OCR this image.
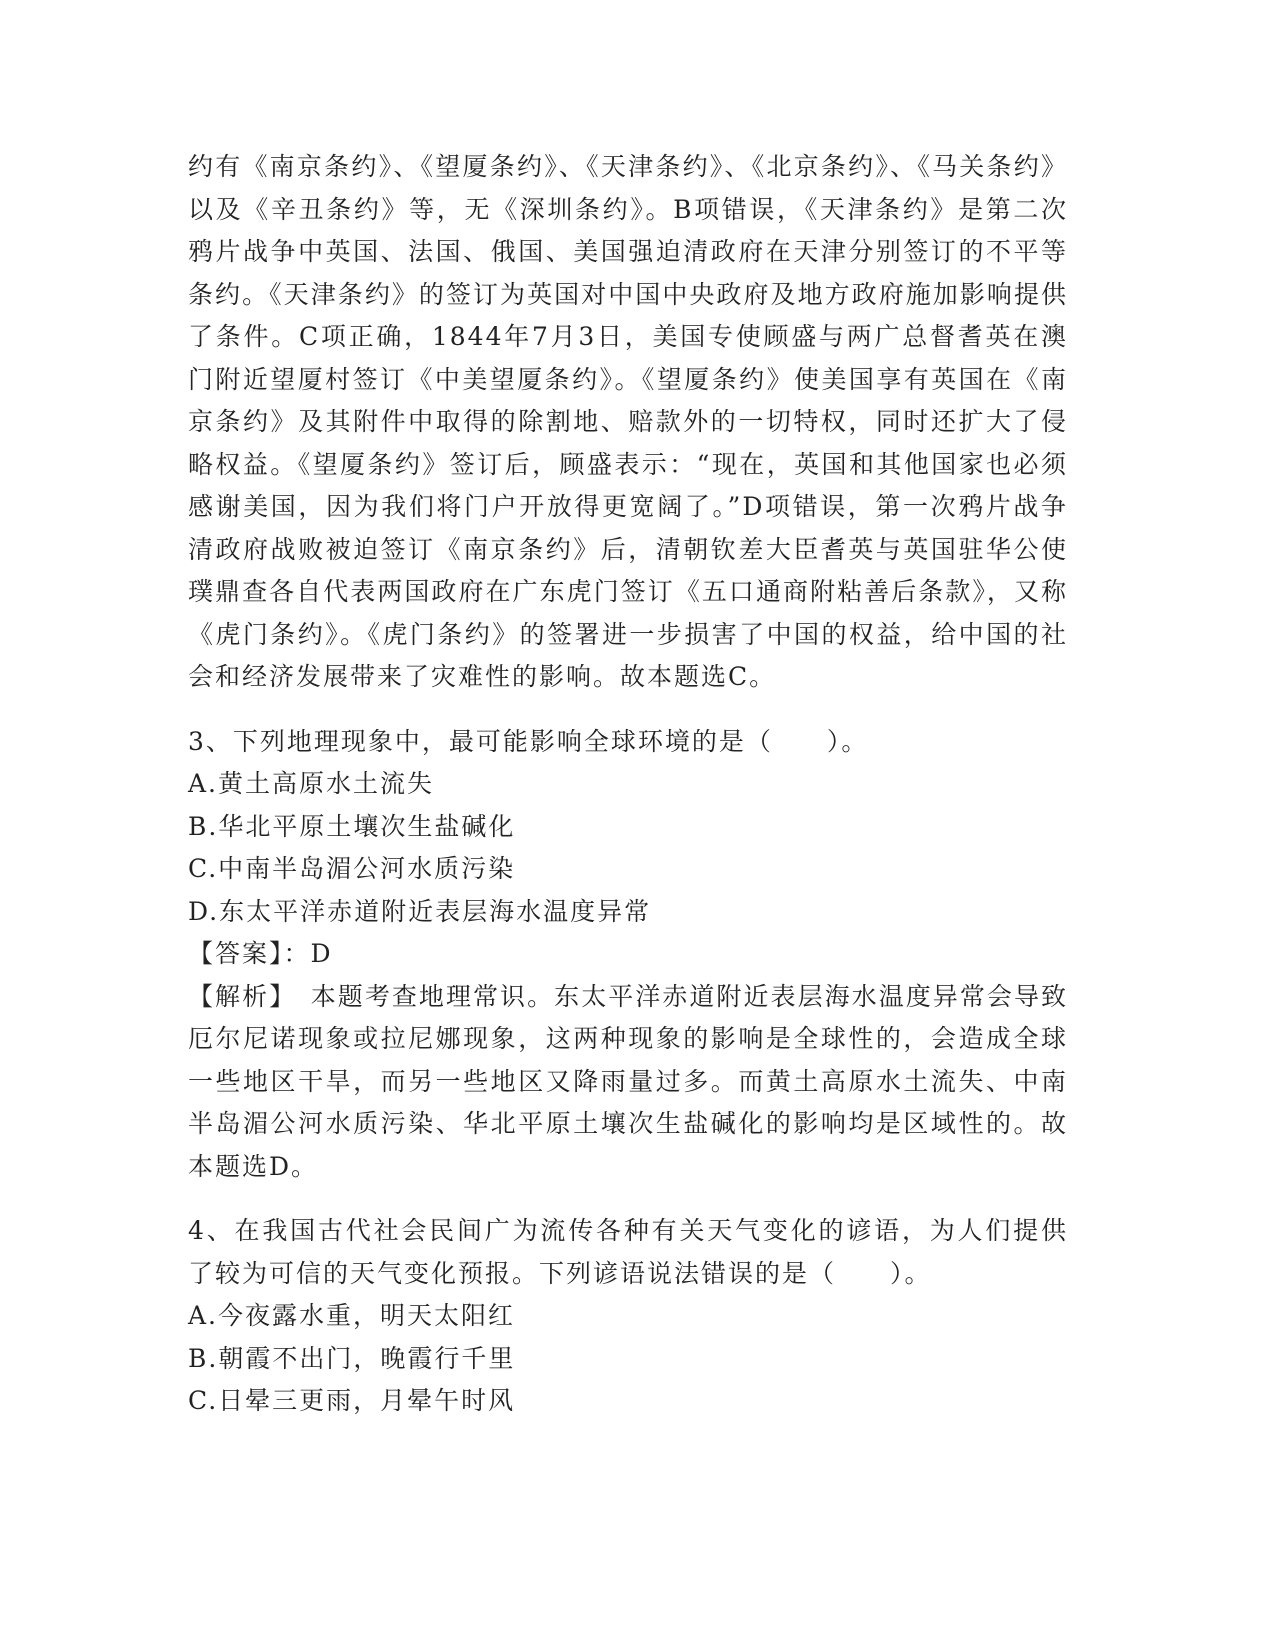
约有《南京条约》、《望厦条约》、《天津条约》、《北京条约》、《马关条约》以及《辛丑条约》等，无《深圳条约》。B项错误，《天津条约》是第二次鸦片战争中英国、法国、俄国、美国强迫清政府在天津分别签订的不平等条约。《天津条约》的签订为英国对中国中央政府及地方政府施加影响提供了条件。C项正确，1844年7月3日，美国专使顾盛与两广总督耆英在澳门附近望厦村签订《中美望厦条约》。《望厦条约》使美国享有英国在《南京条约》及其附件中取得的除割地、赔款外的一切特权，同时还扩大了侵略权益。《望厦条约》签订后，顾盛表示：“现在，英国和其他国家也必须感谢美国，因为我们将门户开放得更宽阔了。”D项错误，第一次鸦片战争清政府战败被迫签订《南京条约》后，清朝钦差大臣耆英与英国驻华公使璞鼎查各自代表两国政府在广东虎门签订《五口通商附粘善后条款》，又称《虎门条约》。《虎门条约》的签署进一步损害了中国的权益，给中国的社会和经济发展带来了灾难性的影响。故本题选C。

3、下列地理现象中，最可能影响全球环境的是（　　）。

A.黄土高原水土流失

B.华北平原土壤次生盐碱化

C.中南半岛湄公河水质污染

D.东太平洋赤道附近表层海水温度异常

【答案】：D

【解析】　本题考查地理常识。东太平洋赤道附近表层海水温度异常会导致厄尔尼诺现象或拉尼娜现象，这两种现象的影响是全球性的，会造成全球一些地区干旱，而另一些地区又降雨量过多。而黄土高原水土流失、中南半岛湄公河水质污染、华北平原土壤次生盐碱化的影响均是区域性的。故本题选D。

4、在我国古代社会民间广为流传各种有关天气变化的谚语，为人们提供了较为可信的天气变化预报。下列谚语说法错误的是（　　）。

A.今夜露水重，明天太阳红

B.朝霞不出门，晚霞行千里

C.日晕三更雨，月晕午时风
